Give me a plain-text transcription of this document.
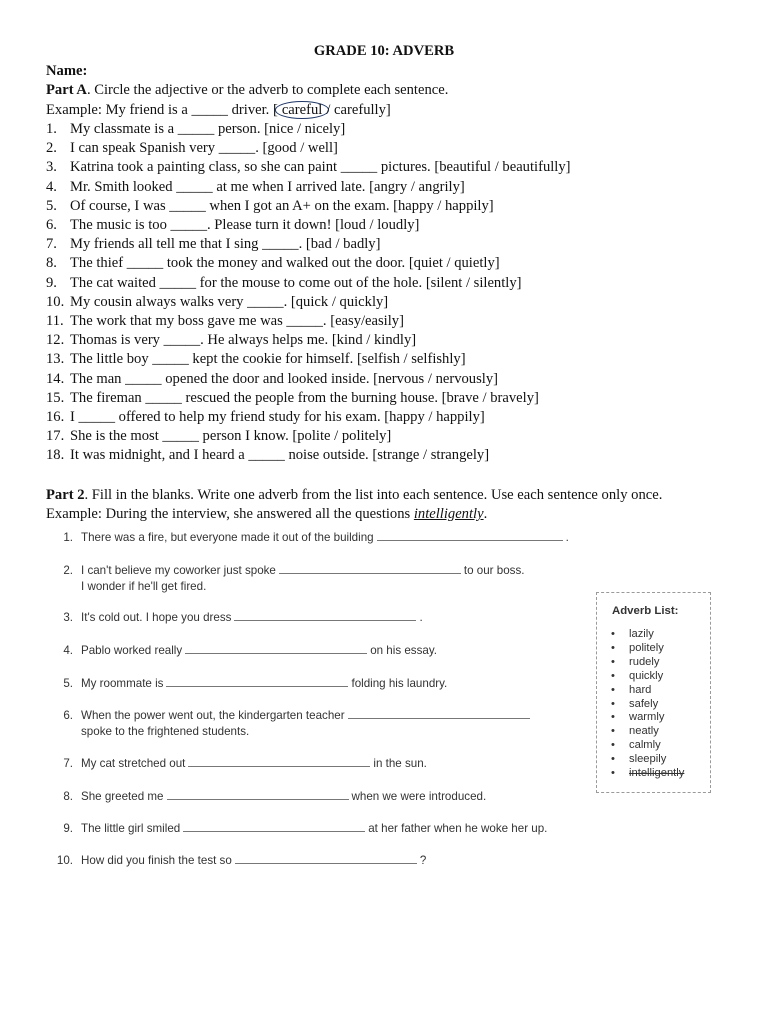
GRADE 10: ADVERB
Name:
Part A. Circle the adjective or the adverb to complete each sentence.
Example: My friend is a _____ driver. [ careful / carefully]
1. My classmate is a _____ person. [nice / nicely]
2. I can speak Spanish very _____. [good / well]
3. Katrina took a painting class, so she can paint _____ pictures. [beautiful / beautifully]
4. Mr. Smith looked _____ at me when I arrived late. [angry / angrily]
5. Of course, I was _____ when I got an A+ on the exam. [happy / happily]
6. The music is too _____. Please turn it down! [loud / loudly]
7. My friends all tell me that I sing _____. [bad / badly]
8. The thief _____ took the money and walked out the door. [quiet / quietly]
9. The cat waited _____ for the mouse to come out of the hole. [silent / silently]
10. My cousin always walks very _____. [quick / quickly]
11. The work that my boss gave me was _____. [easy/easily]
12. Thomas is very _____. He always helps me. [kind / kindly]
13. The little boy _____ kept the cookie for himself. [selfish / selfishly]
14. The man _____ opened the door and looked inside. [nervous / nervously]
15. The fireman _____ rescued the people from the burning house. [brave / bravely]
16. I _____ offered to help my friend study for his exam. [happy / happily]
17. She is the most _____ person I know. [polite / politely]
18. It was midnight, and I heard a _____ noise outside. [strange / strangely]
Part 2. Fill in the blanks. Write one adverb from the list into each sentence. Use each sentence only once.
Example: During the interview, she answered all the questions intelligently.
1. There was a fire, but everyone made it out of the building	.
2. I can't believe my coworker just spoke	to our boss.
I wonder if he'll get fired.
3. It's cold out. I hope you dress	.
4. Pablo worked really	on his essay.
5. My roommate is	folding his laundry.
6. When the power went out, the kindergarten teacher
spoke to the frightened students.
7. My cat stretched out	in the sun.
8. She greeted me	when we were introduced.
9. The little girl smiled	at her father when he woke her up.
10. How did you finish the test so	?
Adverb List:
• lazily
• politely
• rudely
• quickly
• hard
• safely
• warmly
• neatly
• calmly
• sleepily
• intelligently
